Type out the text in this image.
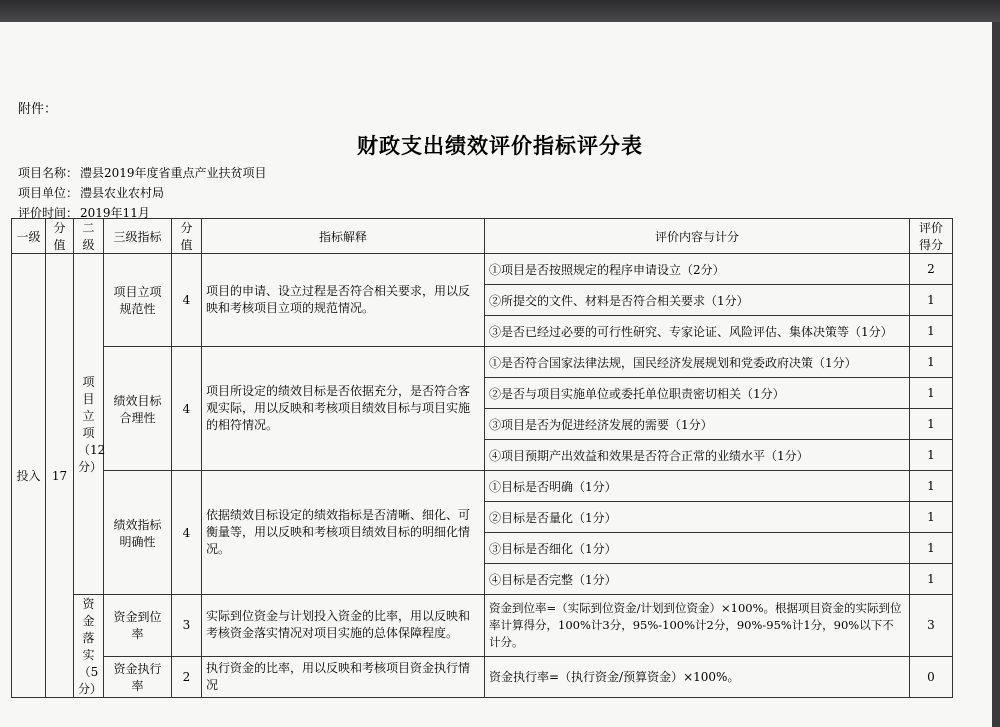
附件：
财政支出绩效评价指标评分表
项目名称： 澧县2019年度省重点产业扶贫项目
项目单位： 澧县农业农村局
评价时间： 2019年11月
一级	分值	二级	三级指标	分值	指标解释	评价内容与计分	评价得分
投入	17	项目立项（12分）	项目立项规范性	4	项目的申请、设立过程是否符合相关要求，用以反映和考核项目立项的规范情况。	①项目是否按照规定的程序申请设立（2分）	2
						②所提交的文件、材料是否符合相关要求（1分）	1
						③是否已经过必要的可行性研究、专家论证、风险评估、集体决策等（1分）	1
			绩效目标合理性	4	项目所设定的绩效目标是否依据充分，是否符合客观实际，用以反映和考核项目绩效目标与项目实施的相符情况。	①是否符合国家法律法规，国民经济发展规划和党委政府决策（1分）	1
						②是否与项目实施单位或委托单位职责密切相关（1分）	1
						③项目是否为促进经济发展的需要（1分）	1
						④项目预期产出效益和效果是否符合正常的业绩水平（1分）	1
			绩效指标明确性	4	依据绩效目标设定的绩效指标是否清晰、细化、可衡量等，用以反映和考核项目绩效目标的明细化情况。	①目标是否明确（1分）	1
						②目标是否量化（1分）	1
						③目标是否细化（1分）	1
						④目标是否完整（1分）	1
		资金落实（5分）	资金到位率	3	实际到位资金与计划投入资金的比率，用以反映和考核资金落实情况对项目实施的总体保障程度。	资金到位率=（实际到位资金/计划到位资金）×100%。根据项目资金的实际到位率计算得分，100%计3分，95%-100%计2分，90%-95%计1分，90%以下不计分。	3
			资金执行率	2	执行资金的比率，用以反映和考核项目资金执行情况	资金执行率=（执行资金/预算资金）×100%。	0
